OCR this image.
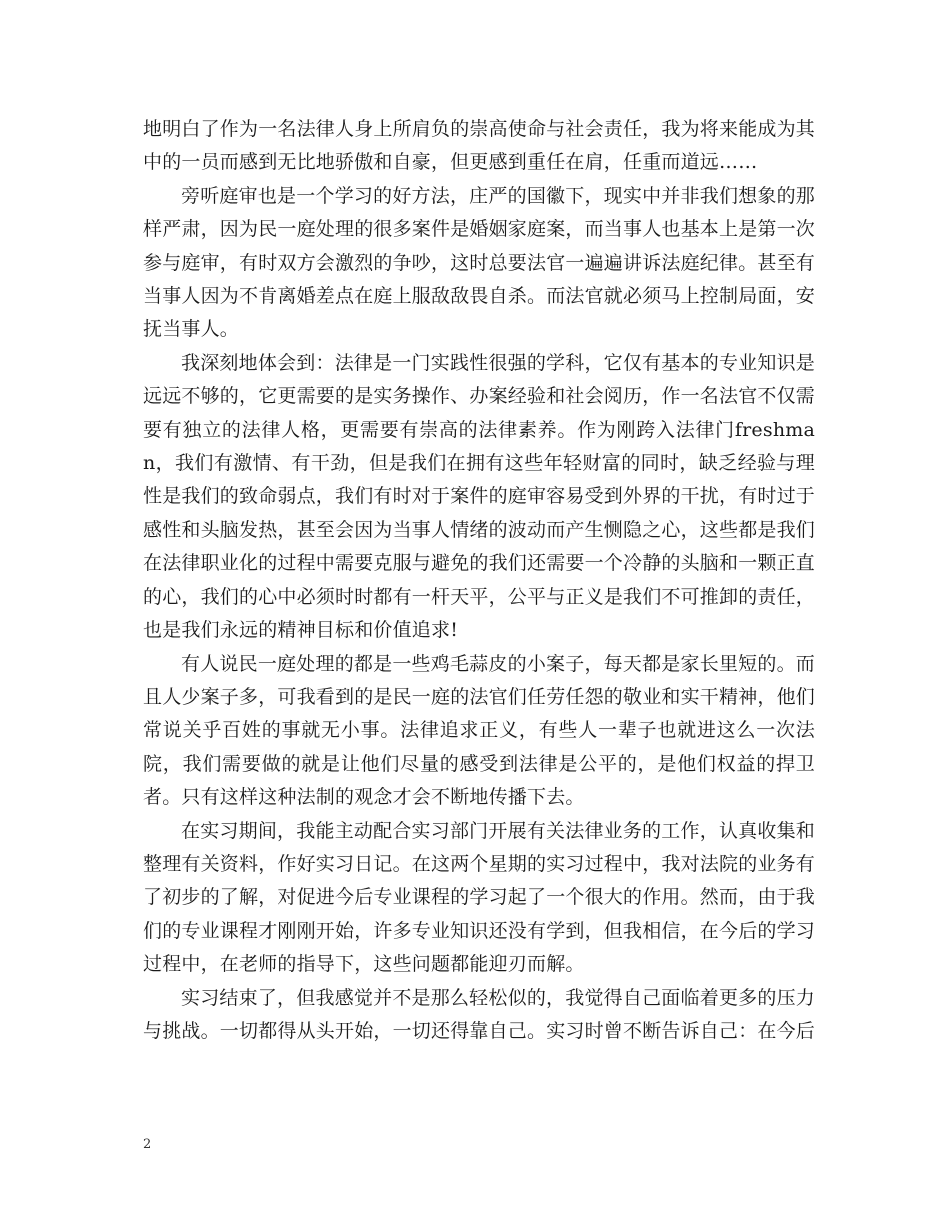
地明白了作为一名法律人身上所肩负的崇高使命与社会责任，我为将来能成为其中的一员而感到无比地骄傲和自豪，但更感到重任在肩，任重而道远……

旁听庭审也是一个学习的好方法，庄严的国徽下，现实中并非我们想象的那样严肃，因为民一庭处理的很多案件是婚姻家庭案，而当事人也基本上是第一次参与庭审，有时双方会激烈的争吵，这时总要法官一遍遍讲诉法庭纪律。甚至有当事人因为不肯离婚差点在庭上服敌敌畏自杀。而法官就必须马上控制局面，安抚当事人。

我深刻地体会到：法律是一门实践性很强的学科，它仅有基本的专业知识是远远不够的，它更需要的是实务操作、办案经验和社会阅历，作一名法官不仅需要有独立的法律人格，更需要有崇高的法律素养。作为刚跨入法律门freshman，我们有激情、有干劲，但是我们在拥有这些年轻财富的同时，缺乏经验与理性是我们的致命弱点，我们有时对于案件的庭审容易受到外界的干扰，有时过于感性和头脑发热，甚至会因为当事人情绪的波动而产生恻隐之心，这些都是我们在法律职业化的过程中需要克服与避免的我们还需要一个冷静的头脑和一颗正直的心，我们的心中必须时时都有一杆天平，公平与正义是我们不可推卸的责任，也是我们永远的精神目标和价值追求!

有人说民一庭处理的都是一些鸡毛蒜皮的小案子，每天都是家长里短的。而且人少案子多，可我看到的是民一庭的法官们任劳任怨的敬业和实干精神，他们常说关乎百姓的事就无小事。法律追求正义，有些人一辈子也就进这么一次法院，我们需要做的就是让他们尽量的感受到法律是公平的，是他们权益的捍卫者。只有这样这种法制的观念才会不断地传播下去。

在实习期间，我能主动配合实习部门开展有关法律业务的工作，认真收集和整理有关资料，作好实习日记。在这两个星期的实习过程中，我对法院的业务有了初步的了解，对促进今后专业课程的学习起了一个很大的作用。然而，由于我们的专业课程才刚刚开始，许多专业知识还没有学到，但我相信，在今后的学习过程中，在老师的指导下，这些问题都能迎刃而解。

实习结束了，但我感觉并不是那么轻松似的，我觉得自己面临着更多的压力与挑战。一切都得从头开始，一切还得靠自己。实习时曾不断告诉自己：在今后

2
